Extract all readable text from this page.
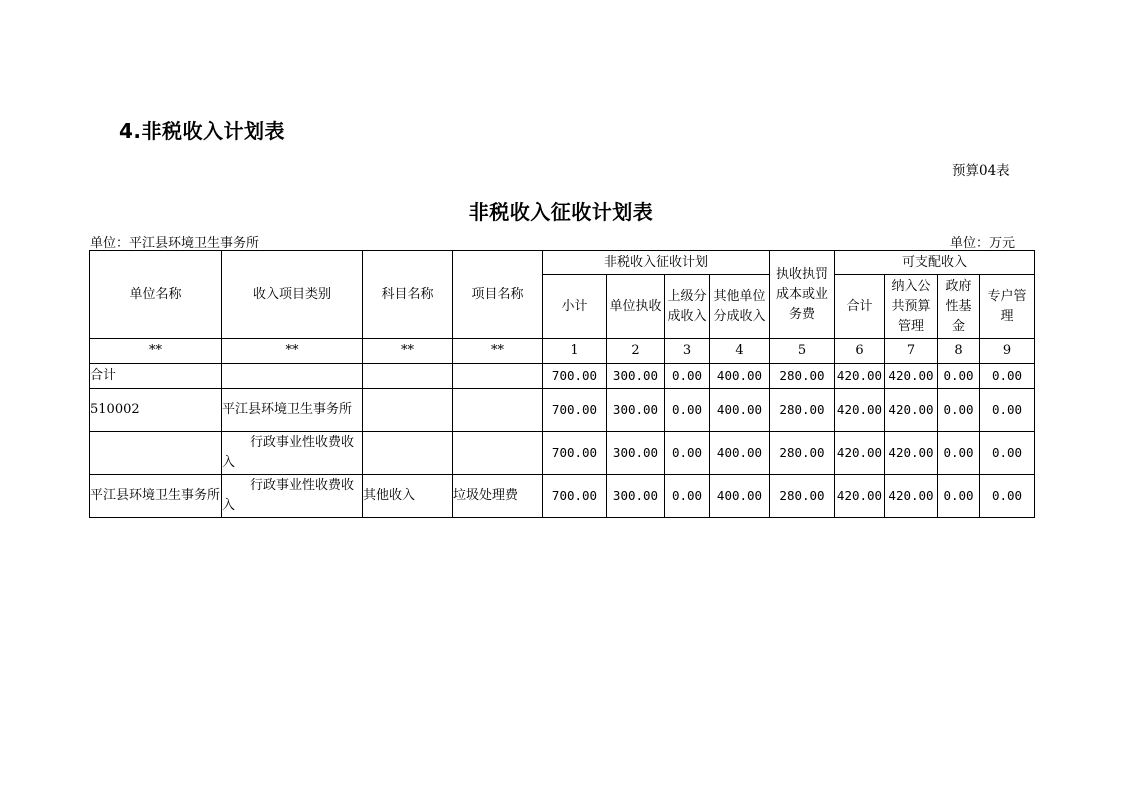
4.非税收入计划表
预算04表
非税收入征收计划表
单位：平江县环境卫生事务所	单位：万元
单位名称	收入项目类别	科目名称	项目名称	非税收入征收计划				执收执罚成本或业务费	可支配收入			
				小计	单位执收	上级分成收入	其他单位分成收入		合计	纳入公共预算管理	政府性基金	专户管理

**	**	**	**	1	2	3	4	5	6	7	8	9
合计				700.00	300.00	0.00	400.00	280.00	420.00	420.00	0.00	0.00
510002	平江县环境卫生事务所			700.00	300.00	0.00	400.00	280.00	420.00	420.00	0.00	0.00

	行政事业性收费收入			700.00	300.00	0.00	400.00	280.00	420.00	420.00	0.00	0.00

平江县环境卫生事务所	行政事业性收费收入	其他收入	垃圾处理费	700.00	300.00	0.00	400.00	280.00	420.00	420.00	0.00	0.00
